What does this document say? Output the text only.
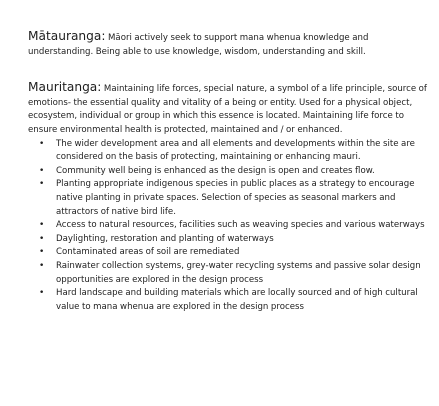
Mātauranga: Māori actively seek to support mana whenua knowledge and understanding. Being able to use knowledge, wisdom, understanding and skill.

Mauritanga: Maintaining life forces, special nature, a symbol of a life principle, source of emotions- the essential quality and vitality of a being or entity. Used for a physical object, ecosystem, individual or group in which this essence is located. Maintaining life force to ensure environmental health is protected, maintained and / or enhanced.

• The wider development area and all elements and developments within the site are considered on the basis of protecting, maintaining or enhancing mauri.
• Community well being is enhanced as the design is open and creates flow.
• Planting appropriate indigenous species in public places as a strategy to encourage native planting in private spaces. Selection of species as seasonal markers and attractors of native bird life.
• Access to natural resources, facilities such as weaving species and various waterways
• Daylighting, restoration and planting of waterways
• Contaminated areas of soil are remediated
• Rainwater collection systems, grey-water recycling systems and passive solar design opportunities are explored in the design process
• Hard landscape and building materials which are locally sourced and of high cultural value to mana whenua are explored in the design process
